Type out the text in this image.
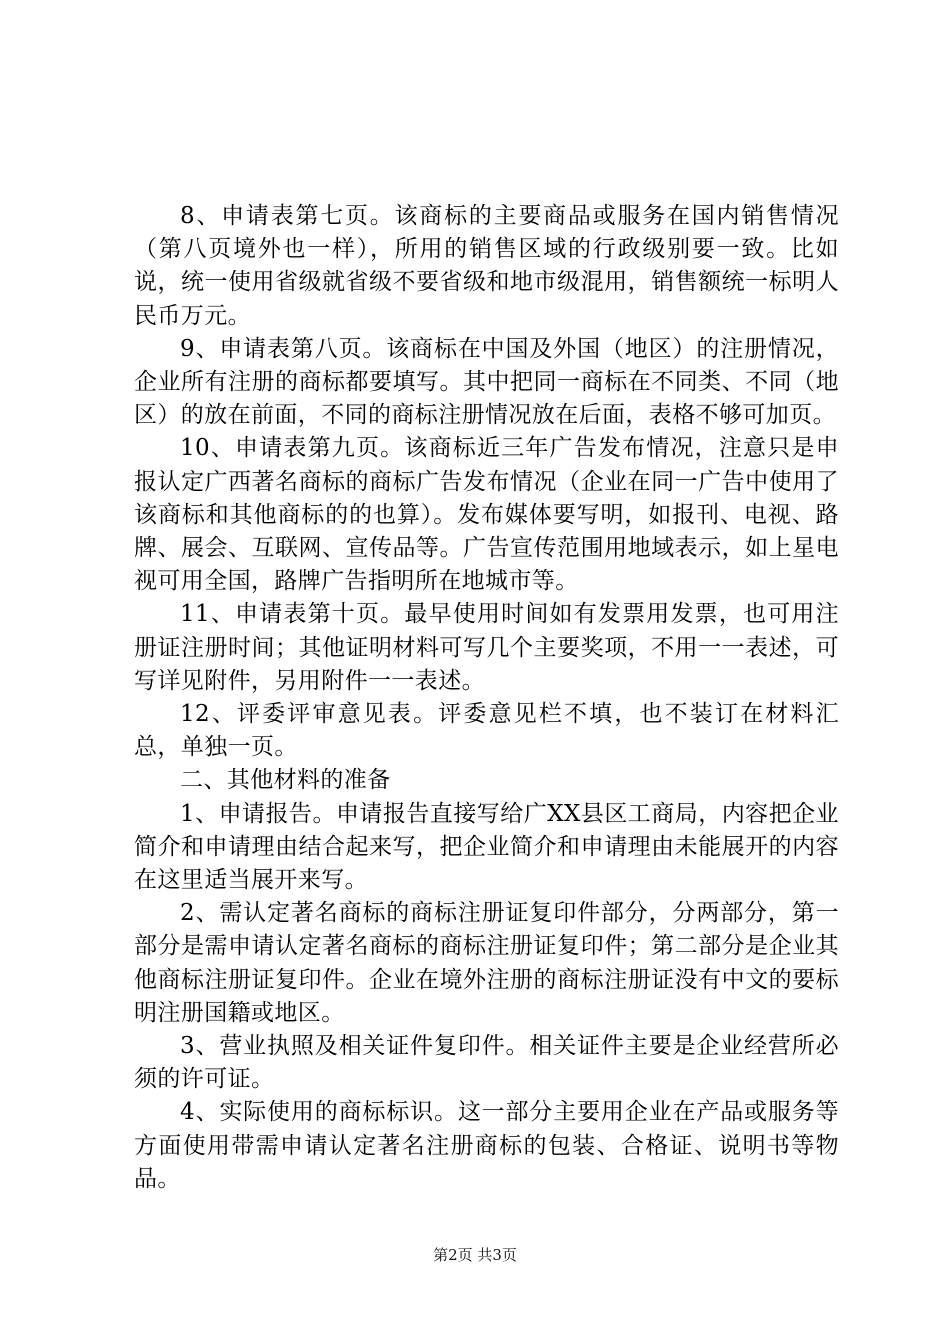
8、申请表第七页。该商标的主要商品或服务在国内销售情况（第八页境外也一样），所用的销售区域的行政级别要一致。比如说，统一使用省级就省级不要省级和地市级混用，销售额统一标明人民币万元。

9、申请表第八页。该商标在中国及外国（地区）的注册情况，企业所有注册的商标都要填写。其中把同一商标在不同类、不同（地区）的放在前面，不同的商标注册情况放在后面，表格不够可加页。

10、申请表第九页。该商标近三年广告发布情况，注意只是申报认定广西著名商标的商标广告发布情况（企业在同一广告中使用了该商标和其他商标的的也算）。发布媒体要写明，如报刊、电视、路牌、展会、互联网、宣传品等。广告宣传范围用地域表示，如上星电视可用全国，路牌广告指明所在地城市等。

11、申请表第十页。最早使用时间如有发票用发票，也可用注册证注册时间；其他证明材料可写几个主要奖项，不用一一表述，可写详见附件，另用附件一一表述。

12、评委评审意见表。评委意见栏不填，也不装订在材料汇总，单独一页。

二、其他材料的准备

1、申请报告。申请报告直接写给广XX县区工商局，内容把企业简介和申请理由结合起来写，把企业简介和申请理由未能展开的内容在这里适当展开来写。

2、需认定著名商标的商标注册证复印件部分，分两部分，第一部分是需申请认定著名商标的商标注册证复印件；第二部分是企业其他商标注册证复印件。企业在境外注册的商标注册证没有中文的要标明注册国籍或地区。

3、营业执照及相关证件复印件。相关证件主要是企业经营所必须的许可证。

4、实际使用的商标标识。这一部分主要用企业在产品或服务等方面使用带需申请认定著名注册商标的包装、合格证、说明书等物品。

第2页 共3页
